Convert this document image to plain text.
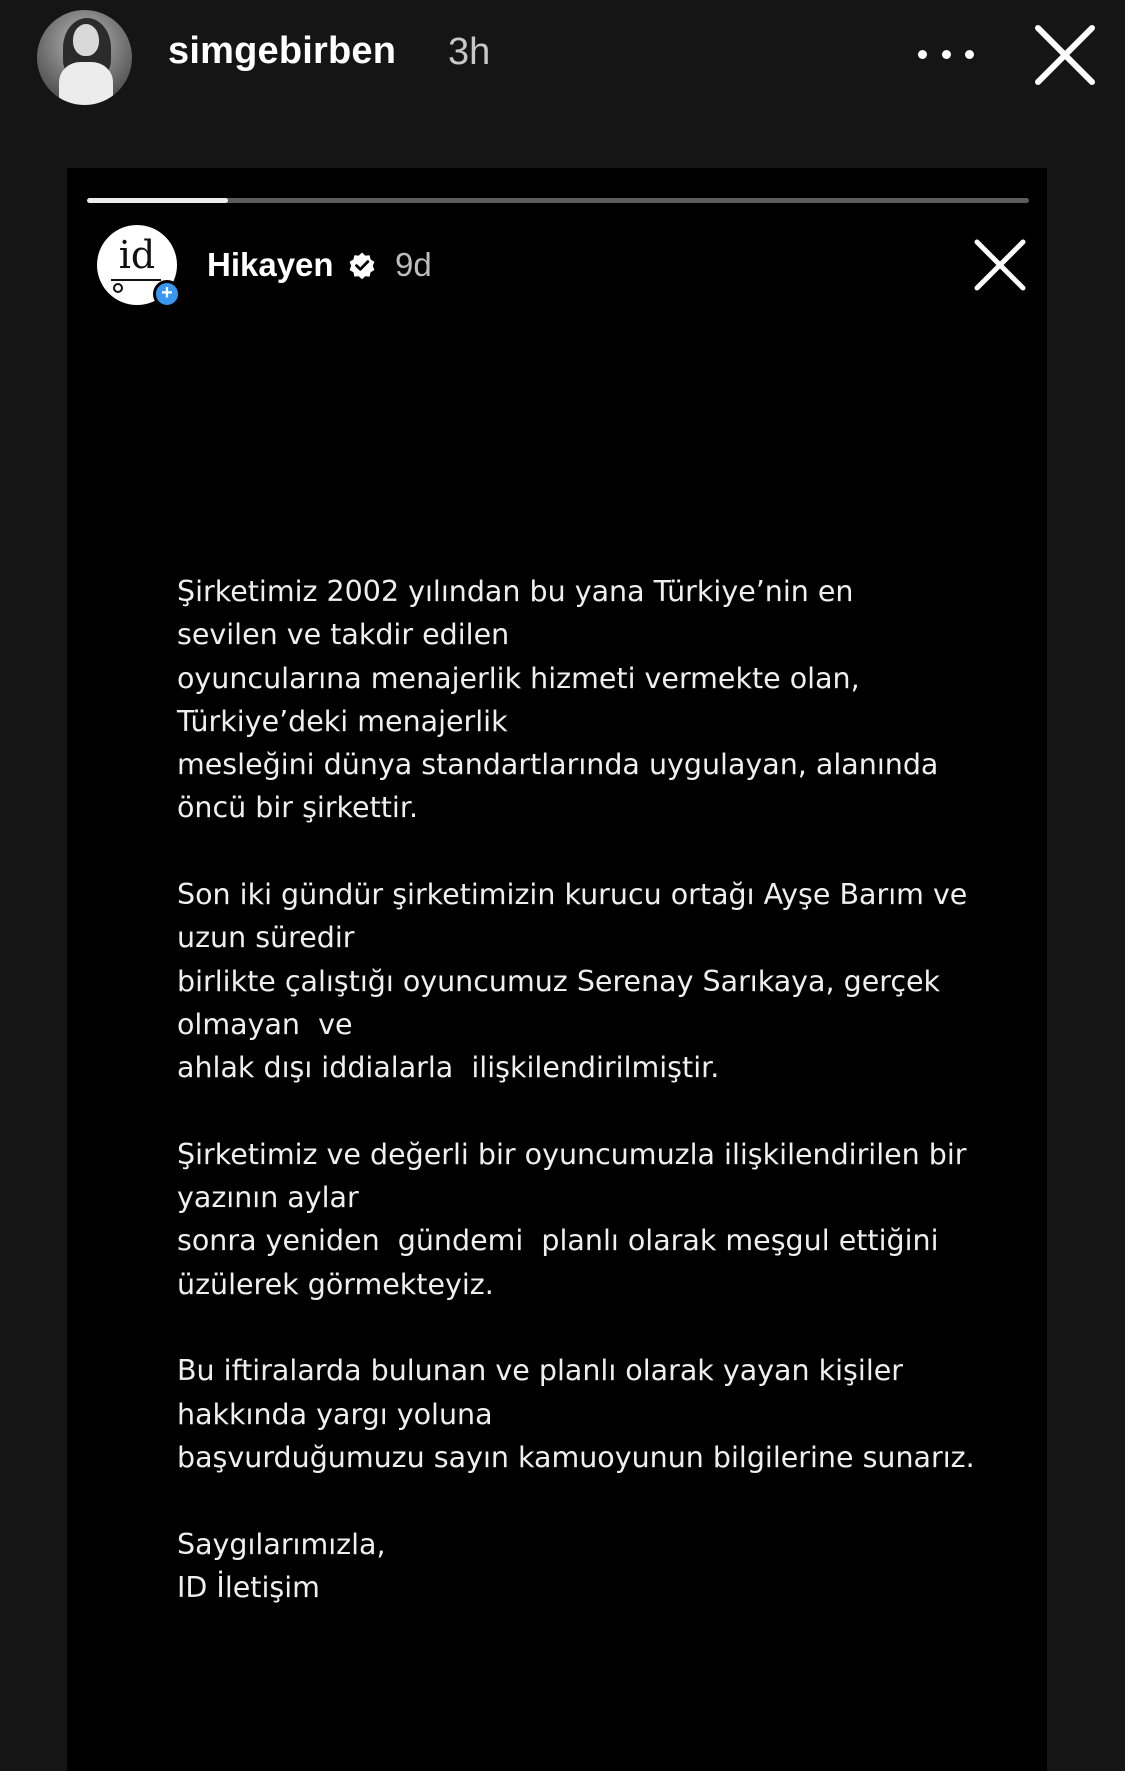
simgebirben 3h
id
+
Hikayen 9d
Şirketimiz 2002 yılından bu yana Türkiye’nin en
sevilen ve takdir edilen
oyuncularına menajerlik hizmeti vermekte olan,
Türkiye’deki menajerlik
mesleğini dünya standartlarında uygulayan, alanında
öncü bir şirkettir.
Son iki gündür şirketimizin kurucu ortağı Ayşe Barım ve
uzun süredir
birlikte çalıştığı oyuncumuz Serenay Sarıkaya, gerçek
olmayan  ve
ahlak dışı iddialarla  ilişkilendirilmiştir.
Şirketimiz ve değerli bir oyuncumuzla ilişkilendirilen bir
yazının aylar
sonra yeniden  gündemi  planlı olarak meşgul ettiğini
üzülerek görmekteyiz.
Bu iftiralarda bulunan ve planlı olarak yayan kişiler
hakkında yargı yoluna
başvurduğumuzu sayın kamuoyunun bilgilerine sunarız.
Saygılarımızla,
ID İletişim
